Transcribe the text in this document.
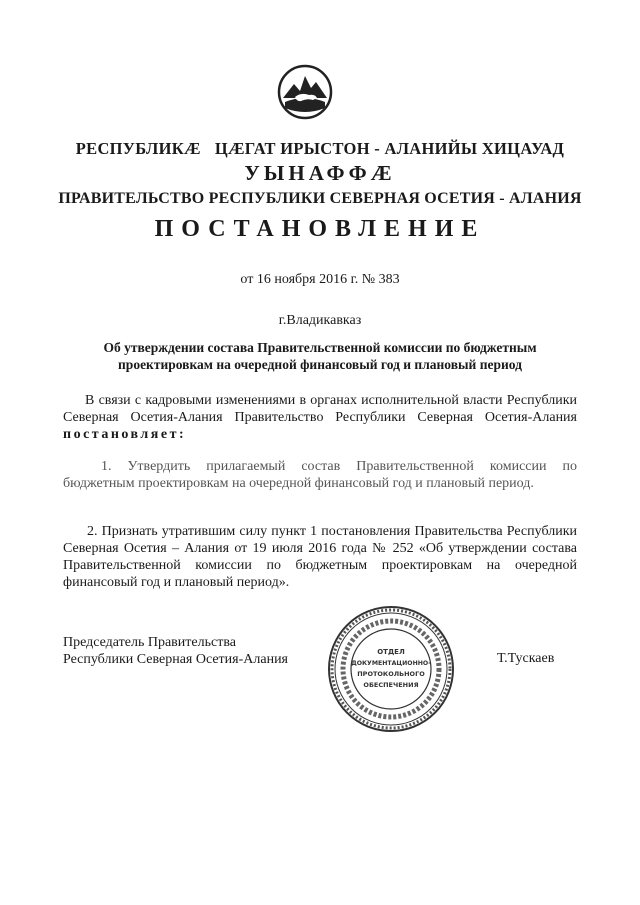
РЕСПУБЛИКÆ ЦÆГАТ ИРЫСТОН - АЛАНИЙЫ ХИЦАУАД
УЫНАФФÆ
ПРАВИТЕЛЬСТВО РЕСПУБЛИКИ СЕВЕРНАЯ ОСЕТИЯ - АЛАНИЯ
ПОСТАНОВЛЕНИЕ
от 16 ноября 2016 г. № 383
г.Владикавказ
Об утверждении состава Правительственной комиссии по бюджетным проектировкам на очередной финансовый год и плановый период
В связи с кадровыми изменениями в органах исполнительной власти Республики Северная Осетия-Алания Правительство Республики Северная Осетия-Алания постановляет:
1. Утвердить прилагаемый состав Правительственной комиссии по бюджетным проектировкам на очередной финансовый год и плановый период.
2. Признать утратившим силу пункт 1 постановления Правительства Республики Северная Осетия – Алания от 19 июля 2016 года № 252 «Об утверждении состава Правительственной комиссии по бюджетным проектировкам на очередной финансовый год и плановый период».
Председатель Правительства
Республики Северная Осетия-Алания	ОТДЕЛ
ДОКУМЕНТАЦИОННО-
ПРОТОКОЛЬНОГО
ОБЕСПЕЧЕНИЯ
Т.Тускаев
